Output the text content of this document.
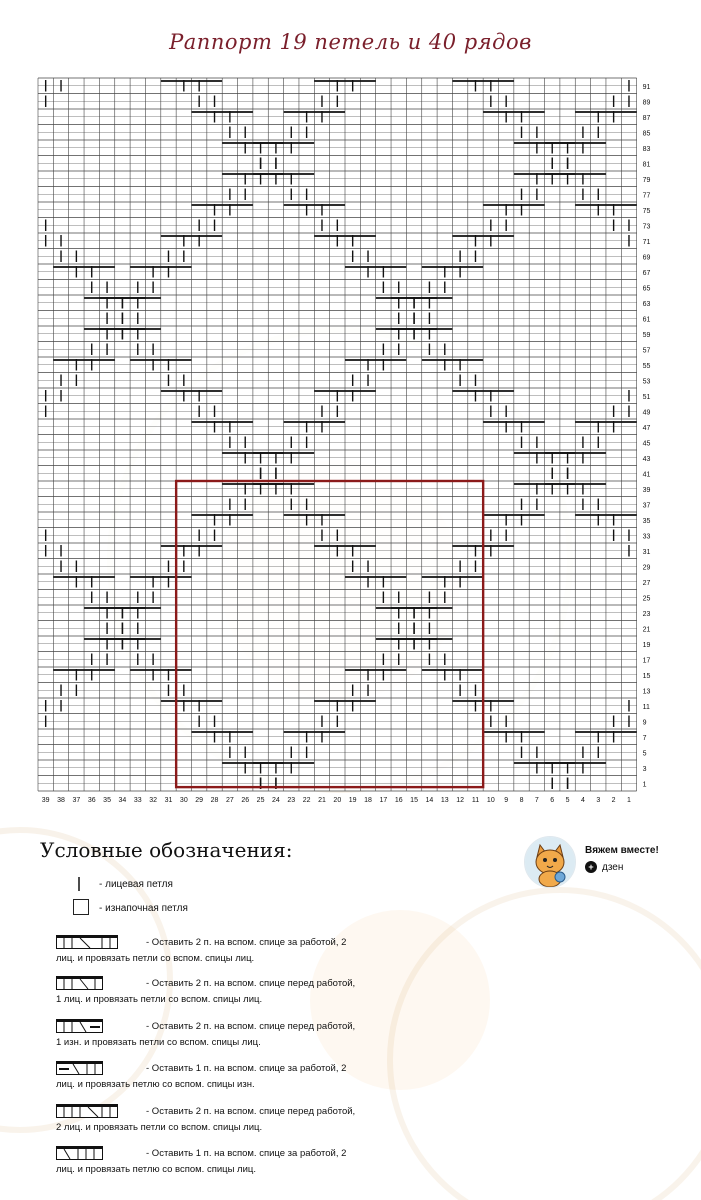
Раппорт 19 петель и 40 рядов
39 38 37 36 35 34 33 32 31 30 29 28 27 26 25 24 23 22 21 20 19 18 17 16 15 14 13 12 11 10 9 8 7 6 5 4 3 2 1
91
89
87
85
83
81
79
77
75
73
71
69
67
65
63
61
59
57
55
53
51
49
47
45
43
41
39
37
35
33
31
29
27
25
23
21
19
17
15
13
11
9
7
5
3
1
Условные обозначения:	Вяжем вместе!
+ дзен
- лицевая петля
- изнапочная петля
- Оставить 2 п. на вспом. спице за работой, 2 лиц. и провязать петли со вспом. спицы лиц.
- Оставить 2 п. на вспом. спице перед работой, 1 лиц. и провязать петли со вспом. спицы лиц.
- Оставить 2 п. на вспом. спице перед работой, 1 изн. и провязать петли со вспом. спицы лиц.
- Оставить 1 п. на вспом. спице за работой, 2 лиц. и провязать петлю со вспом. спицы изн.
- Оставить 2 п. на вспом. спице перед работой, 2 лиц. и провязать петли со вспом. спицы лиц.
- Оставить 1 п. на вспом. спице за работой, 2 лиц. и провязать петлю со вспом. спицы лиц.
